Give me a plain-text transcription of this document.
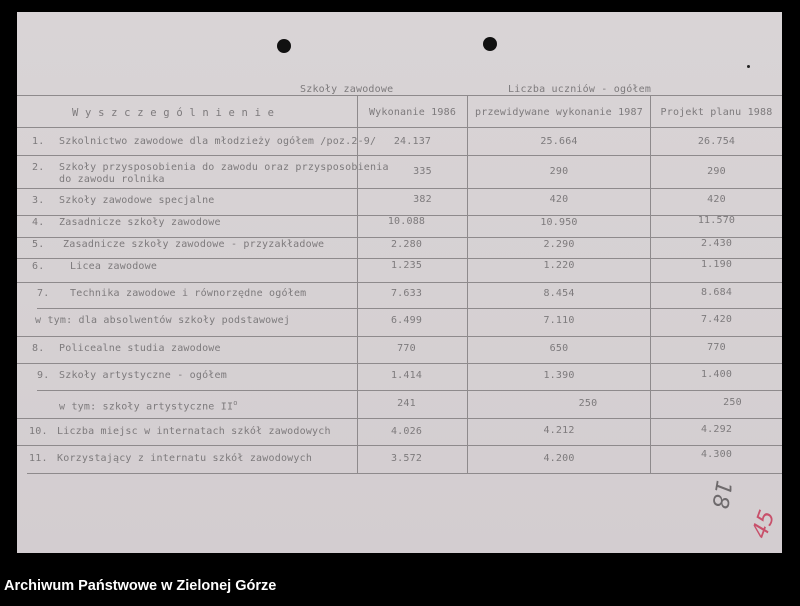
Szkoły zawodowe	Liczba uczniów - ogółem
W y s z c z e g ó l n i e n i e	Wykonanie 1986	przewidywane wykonanie 1987	Projekt planu 1988
1. Szkolnictwo zawodowe dla młodzieży ogółem /poz.2-9/	24.137	25.664	26.754
2. Szkoły przysposobienia do zawodu oraz przysposobienia
do zawodu rolnika
335	290	290
3. Szkoły zawodowe specjalne	382	420	420
4. Zasadnicze szkoły zawodowe	10.088	10.950	11.570
5. Zasadnicze szkoły zawodowe - przyzakładowe	2.280	2.290	2.430
6.	Licea zawodowe	1.235	1.220	1.190
7. Technika zawodowe i równorzędne ogółem	7.633	8.454	8.684
w tym: dla absolwentów szkoły podstawowej	6.499	7.110	7.420
8. Policealne studia zawodowe	770	650	770
9. Szkoły artystyczne - ogółem	1.414	1.390	1.400
w tym: szkoły artystyczne $II^o$	241	250	250
10. Liczba miejsc w internatach szkół zawodowych	4.026	4.212	4.292
11. Korzystający z internatu szkół zawodowych	3.572	4.200	4.300
18
45
Archiwum Państwowe w Zielonej Górze
